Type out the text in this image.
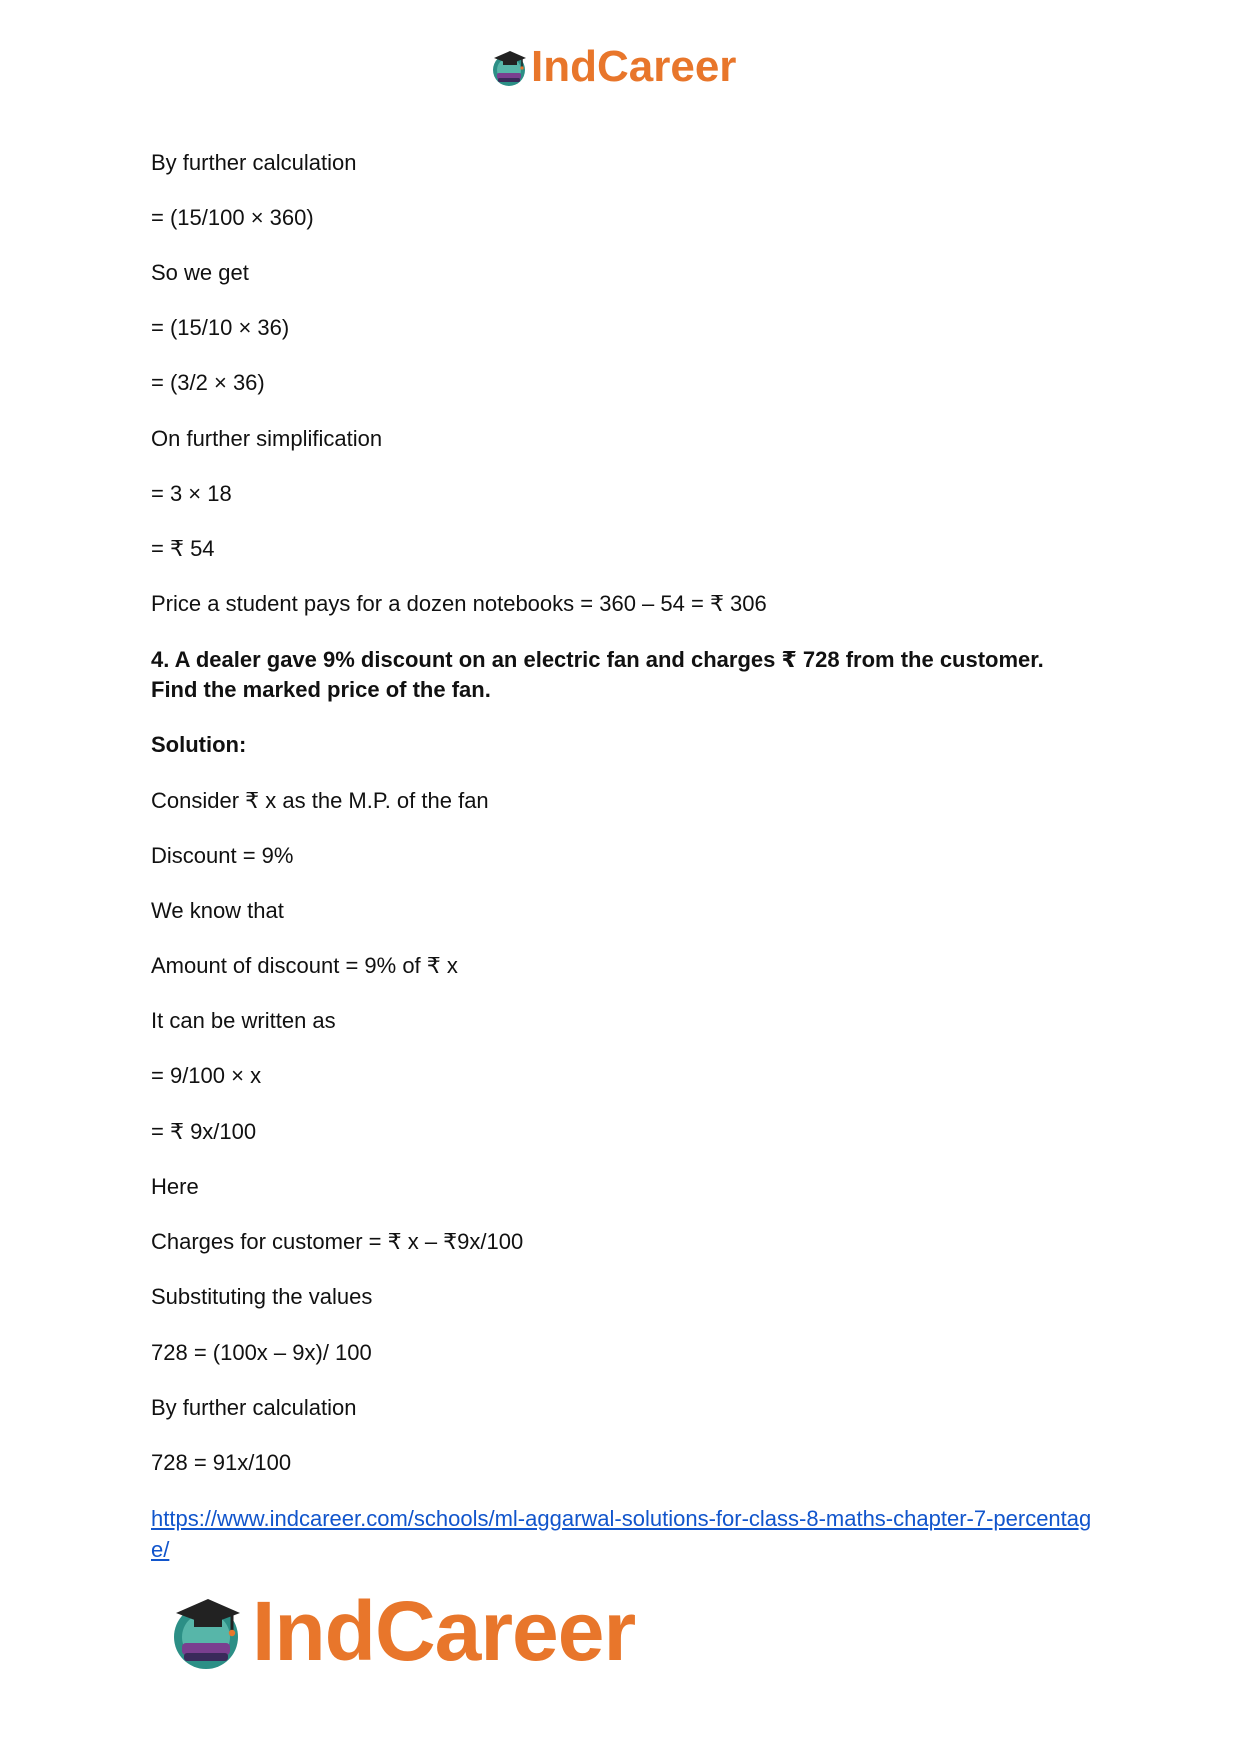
IndCareer
By further calculation
= (15/100 × 360)
So we get
= (15/10 × 36)
= (3/2 × 36)
On further simplification
= 3 × 18
= ₹ 54
Price a student pays for a dozen notebooks = 360 – 54 = ₹ 306
4. A dealer gave 9% discount on an electric fan and charges ₹ 728 from the customer.
Find the marked price of the fan.
Solution:
Consider ₹ x as the M.P. of the fan
Discount = 9%
We know that
Amount of discount = 9% of ₹ x
It can be written as
= 9/100 × x
= ₹ 9x/100
Here
Charges for customer = ₹ x – ₹9x/100
Substituting the values
728 = (100x – 9x)/ 100
By further calculation
728 = 91x/100
https://www.indcareer.com/schools/ml-aggarwal-solutions-for-class-8-maths-chapter-7-percentage/
IndCareer
